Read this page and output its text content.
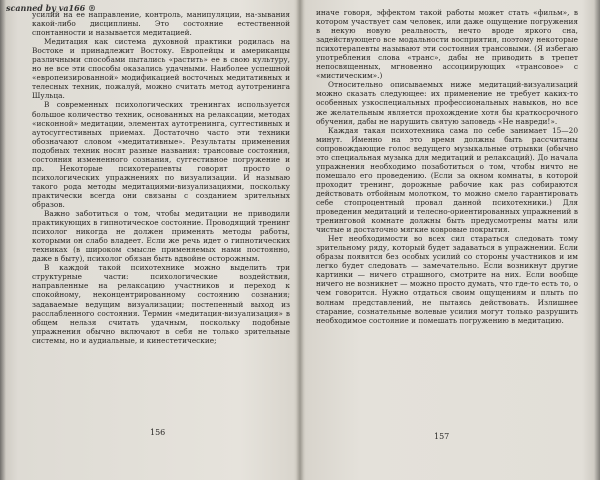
scanned by va166 ®

усилий на ее направление, контроль, манипуляции, на-зывания какой-либо дисциплины. Это состояние естественной спонтанности и называется медитацией.

Медитация как система духовной практики родилась на Востоке и принадлежит Востоку. Европейцы и американцы различными способами пытались «растить» ее в свою культуру, но не все эти способы оказались удачными. Наиболее успешной «европеизированной» модификацией восточных медитативных и телесных техник, пожалуй, можно считать метод аутотренинга Шульца.

В современных психологических тренингах используется большое количество техник, основанных на релаксации, методах «исконной» медитации, элементах аутотренинга, суггестивных и аутосуггестивных приемах. Достаточно часто эти техники обозначают словом «медитативные». Результаты применения подобных техник носят разные названия: трансовые состояния, состояния измененного сознания, суггестивное погружение и пр. Некоторые психотерапевты говорят просто о психологических упражнениях по визуализации. И называю такого рода методы медитациями-визуализациями, поскольку практически всегда они связаны с созданием зрительных образов.

Важно заботиться о том, чтобы медитации не приводили практикующих в гипнотическое состояние. Проводящий тренинг психолог никогда не должен применять методы работы, которыми он слабо владеет. Если же речь идет о гипнотических техниках (в широком смысле применяемых нами постоянно, даже в быту), психолог обязан быть вдвойне осторожным.

В каждой такой психотехнике можно выделить три структурные части: психологические воздействия, направленные на релаксацию участников и переход к спокойному, неконцентрированному состоянию сознания; задаваемые ведущим визуализации; постепенный выход из расслабленного состояния. Термин «медитация-визуализация» в общем нельзя считать удачным, поскольку подобные упражнения обычно включают в себя не только зрительные системы, но и аудиальные, и кинестетические;

156

иначе говоря, эффектом такой работы может стать «фильм», в котором участвует сам человек, или даже ощущение погружения в некую новую реальность, нечто вроде яркого сна, задействующего все модальности восприятия, поэтому некоторые психотерапевты называют эти состояния трансовыми. (Я избегаю употребления слова «транс», дабы не приводить в трепет непосвященных, мгновенно ассоциирующих «трансовое» с «мистическим».)

Относительно описываемых ниже медитаций-визуализаций можно сказать следующее: их применение не требует каких-то особенных узкоспециальных профессиональных навыков, но все же желательным является прохождение хотя бы краткосрочного обучения, дабы не нарушить святую заповедь «Не навреди!».

Каждая такая психотехника сама по себе занимает 15—20 минут. Именно на это время должны быть рассчитаны сопровождающие голос ведущего музыкальные отрывки (обычно это специальная музыка для медитаций и релаксаций). До начала упражнения необходимо позаботиться о том, чтобы ничто не помешало его проведению. (Если за окном комнаты, в которой проходит тренинг, дорожные рабочие как раз собираются действовать отбойным молотком, то можно смело гарантировать себе стопроцентный провал данной психотехники.) Для проведения медитаций и телесно-ориентированных упражнений в тренинговой комнате должны быть предусмотрены маты или чистые и достаточно мягкие ковровые покрытия.

Нет необходимости во всех сил стараться следовать тому зрительному ряду, который будет задаваться в упражнении. Если образы появятся без особых усилий со стороны участников и им легко будет следовать — замечательно. Если возникнут другие картинки — ничего страшного, смотрите на них. Если вообще ничего не возникнет — можно просто думать, что где-то есть то, о чем говорится. Нужно отдаться своим ощущениям и плыть по волнам представлений, не пытаясь действовать. Излишнее старание, сознательные волевые усилия могут только разрушить необходимое состояние и помешать погружению в медитацию.

157
